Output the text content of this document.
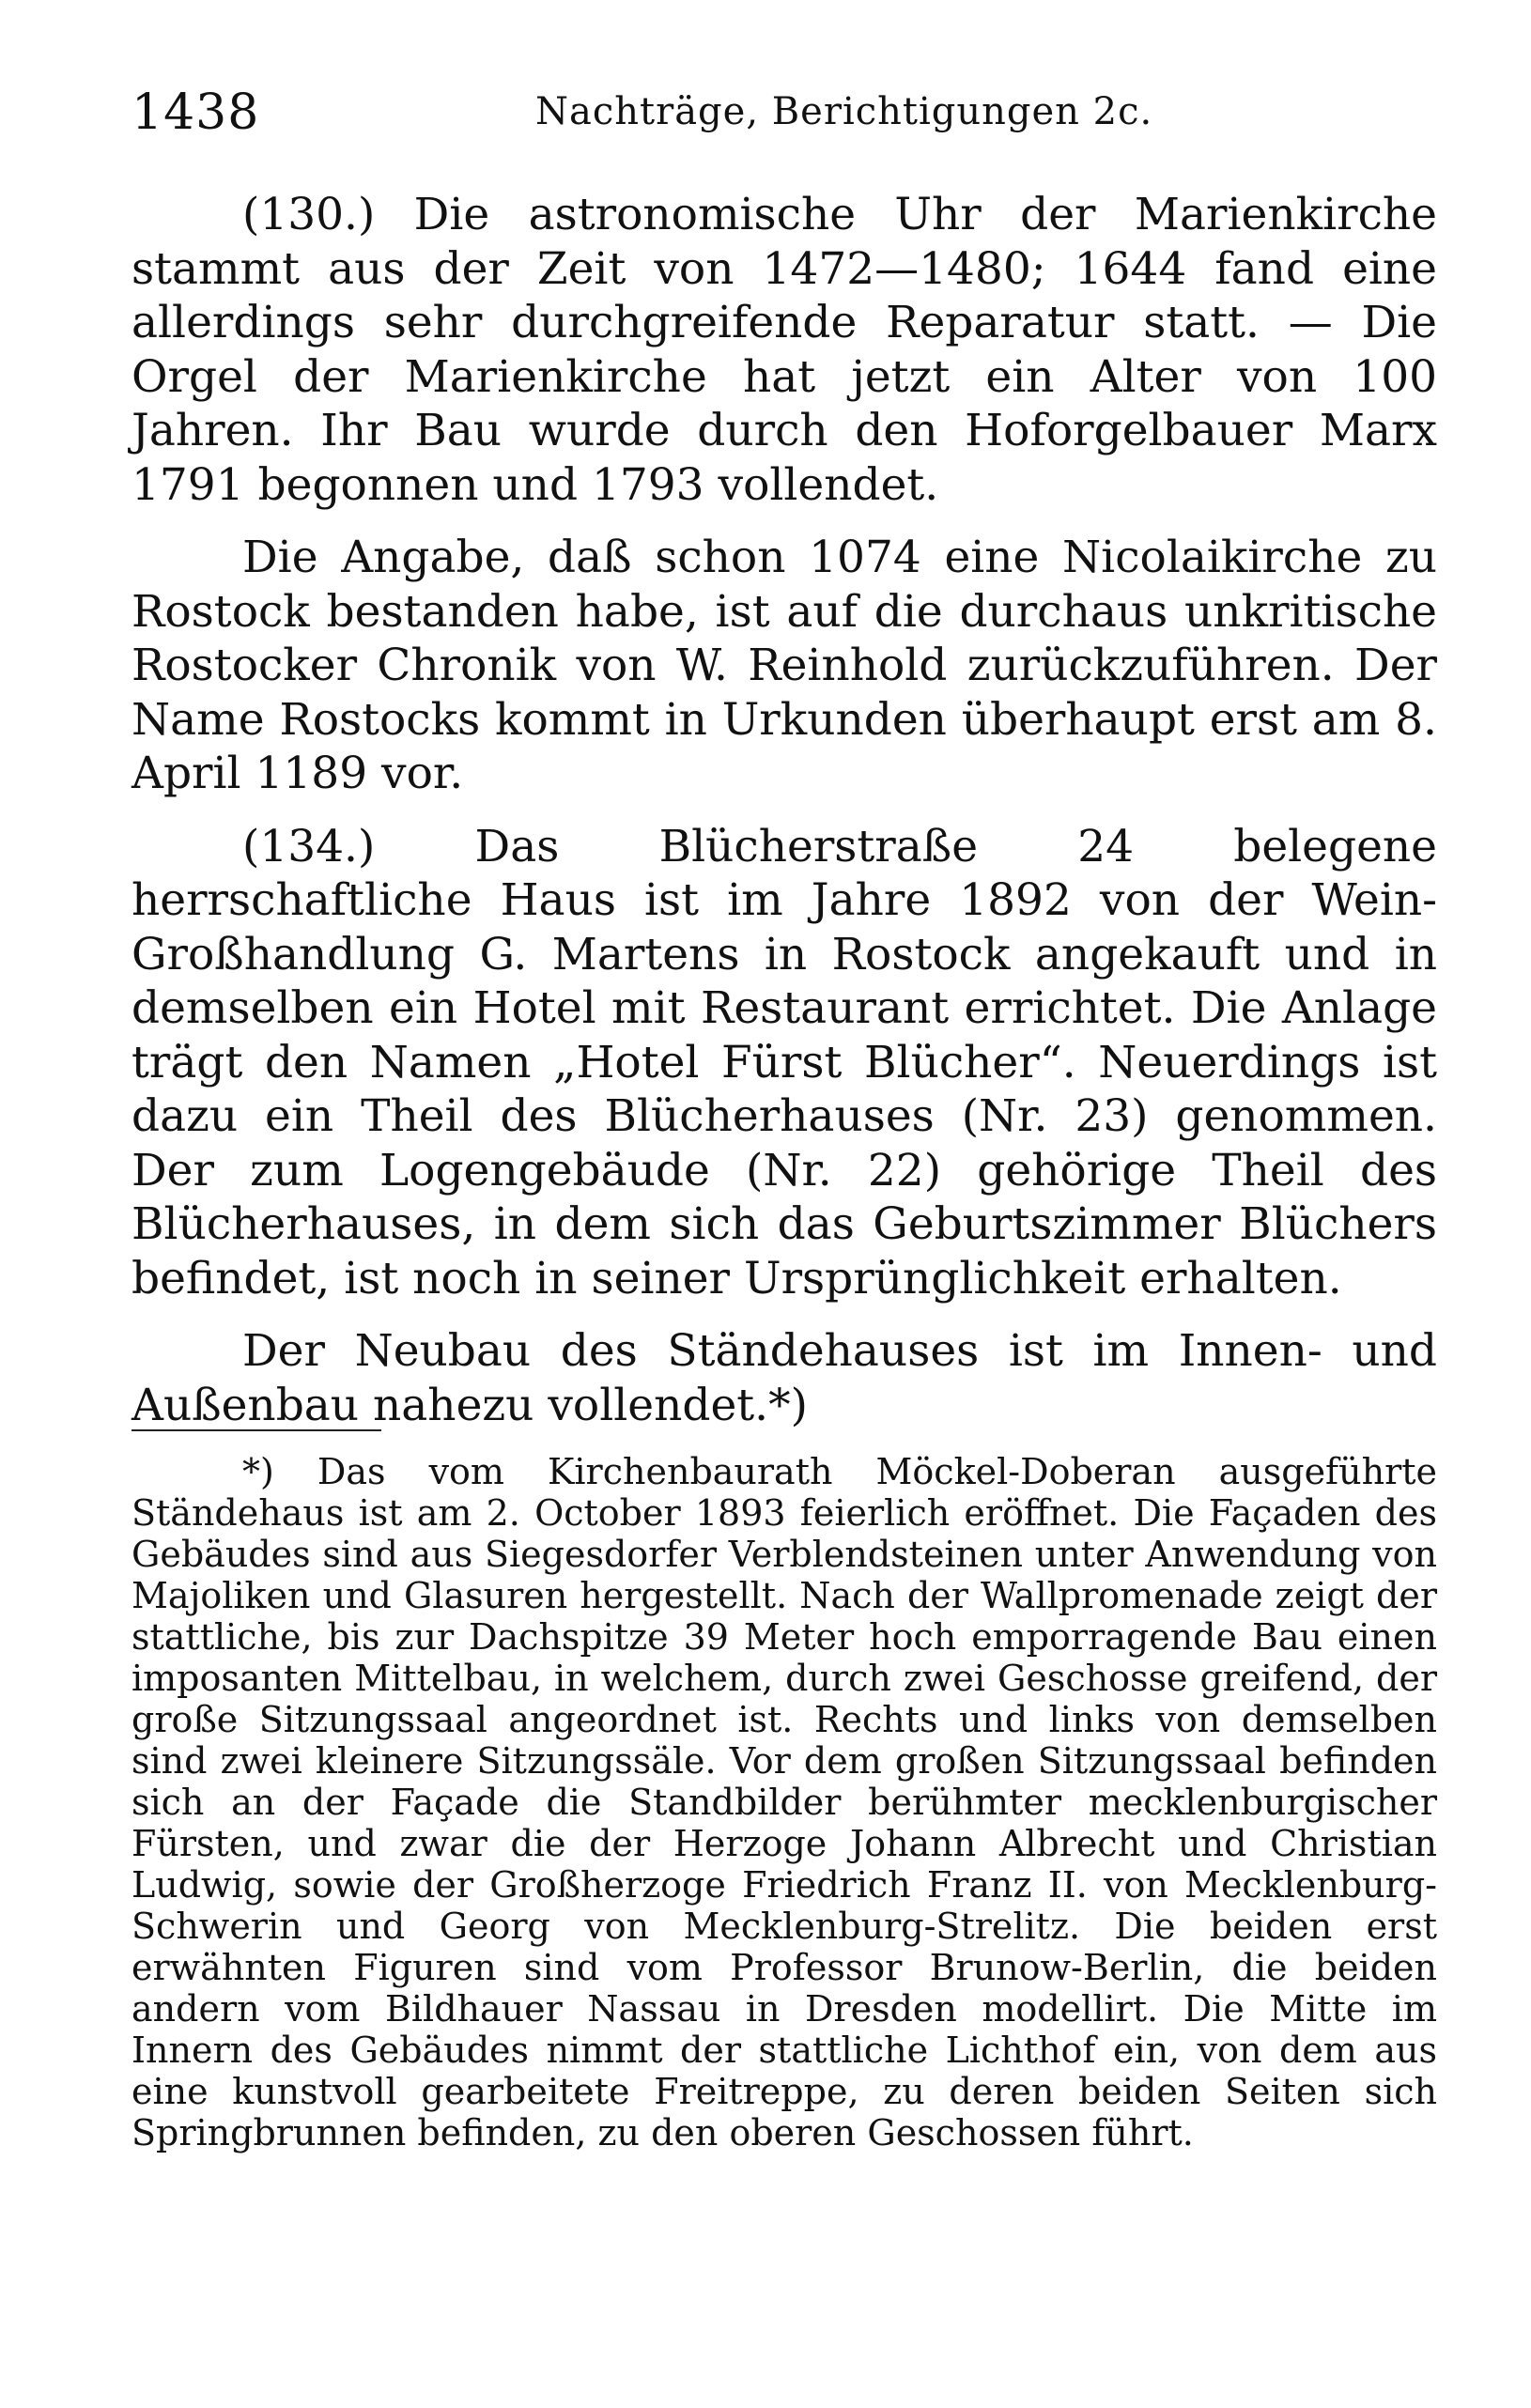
1438	Nachträge, Berichtigungen 2c.

(130.) Die astronomische Uhr der Marienkirche stammt aus der Zeit von 1472—1480; 1644 fand eine allerdings sehr durchgreifende Reparatur statt. — Die Orgel der Marienkirche hat jetzt ein Alter von 100 Jahren. Ihr Bau wurde durch den Hoforgelbauer Marx 1791 begonnen und 1793 vollendet.

Die Angabe, daß schon 1074 eine Nicolaikirche zu Rostock bestanden habe, ist auf die durchaus unkritische Rostocker Chronik von W. Reinhold zurückzuführen. Der Name Rostocks kommt in Urkunden überhaupt erst am 8. April 1189 vor.

(134.) Das Blücherstraße 24 belegene herrschaftliche Haus ist im Jahre 1892 von der Wein-Großhandlung G. Martens in Rostock angekauft und in demselben ein Hotel mit Restaurant errichtet. Die Anlage trägt den Namen „Hotel Fürst Blücher“. Neuerdings ist dazu ein Theil des Blücherhauses (Nr. 23) genommen. Der zum Logengebäude (Nr. 22) gehörige Theil des Blücherhauses, in dem sich das Geburtszimmer Blüchers befindet, ist noch in seiner Ursprünglichkeit erhalten.

Der Neubau des Ständehauses ist im Innen- und Außenbau nahezu vollendet.*)

*) Das vom Kirchenbaurath Möckel-Doberan ausgeführte Ständehaus ist am 2. October 1893 feierlich eröffnet. Die Façaden des Gebäudes sind aus Siegesdorfer Verblendsteinen unter Anwendung von Majoliken und Glasuren hergestellt. Nach der Wallpromenade zeigt der stattliche, bis zur Dachspitze 39 Meter hoch emporragende Bau einen imposanten Mittelbau, in welchem, durch zwei Geschosse greifend, der große Sitzungssaal angeordnet ist. Rechts und links von demselben sind zwei kleinere Sitzungssäle. Vor dem großen Sitzungssaal befinden sich an der Façade die Standbilder berühmter mecklenburgischer Fürsten, und zwar die der Herzoge Johann Albrecht und Christian Ludwig, sowie der Großherzoge Friedrich Franz II. von Mecklenburg-Schwerin und Georg von Mecklenburg-Strelitz. Die beiden erst erwähnten Figuren sind vom Professor Brunow-Berlin, die beiden andern vom Bildhauer Nassau in Dresden modellirt. Die Mitte im Innern des Gebäudes nimmt der stattliche Lichthof ein, von dem aus eine kunstvoll gearbeitete Freitreppe, zu deren beiden Seiten sich Springbrunnen befinden, zu den oberen Geschossen führt.
